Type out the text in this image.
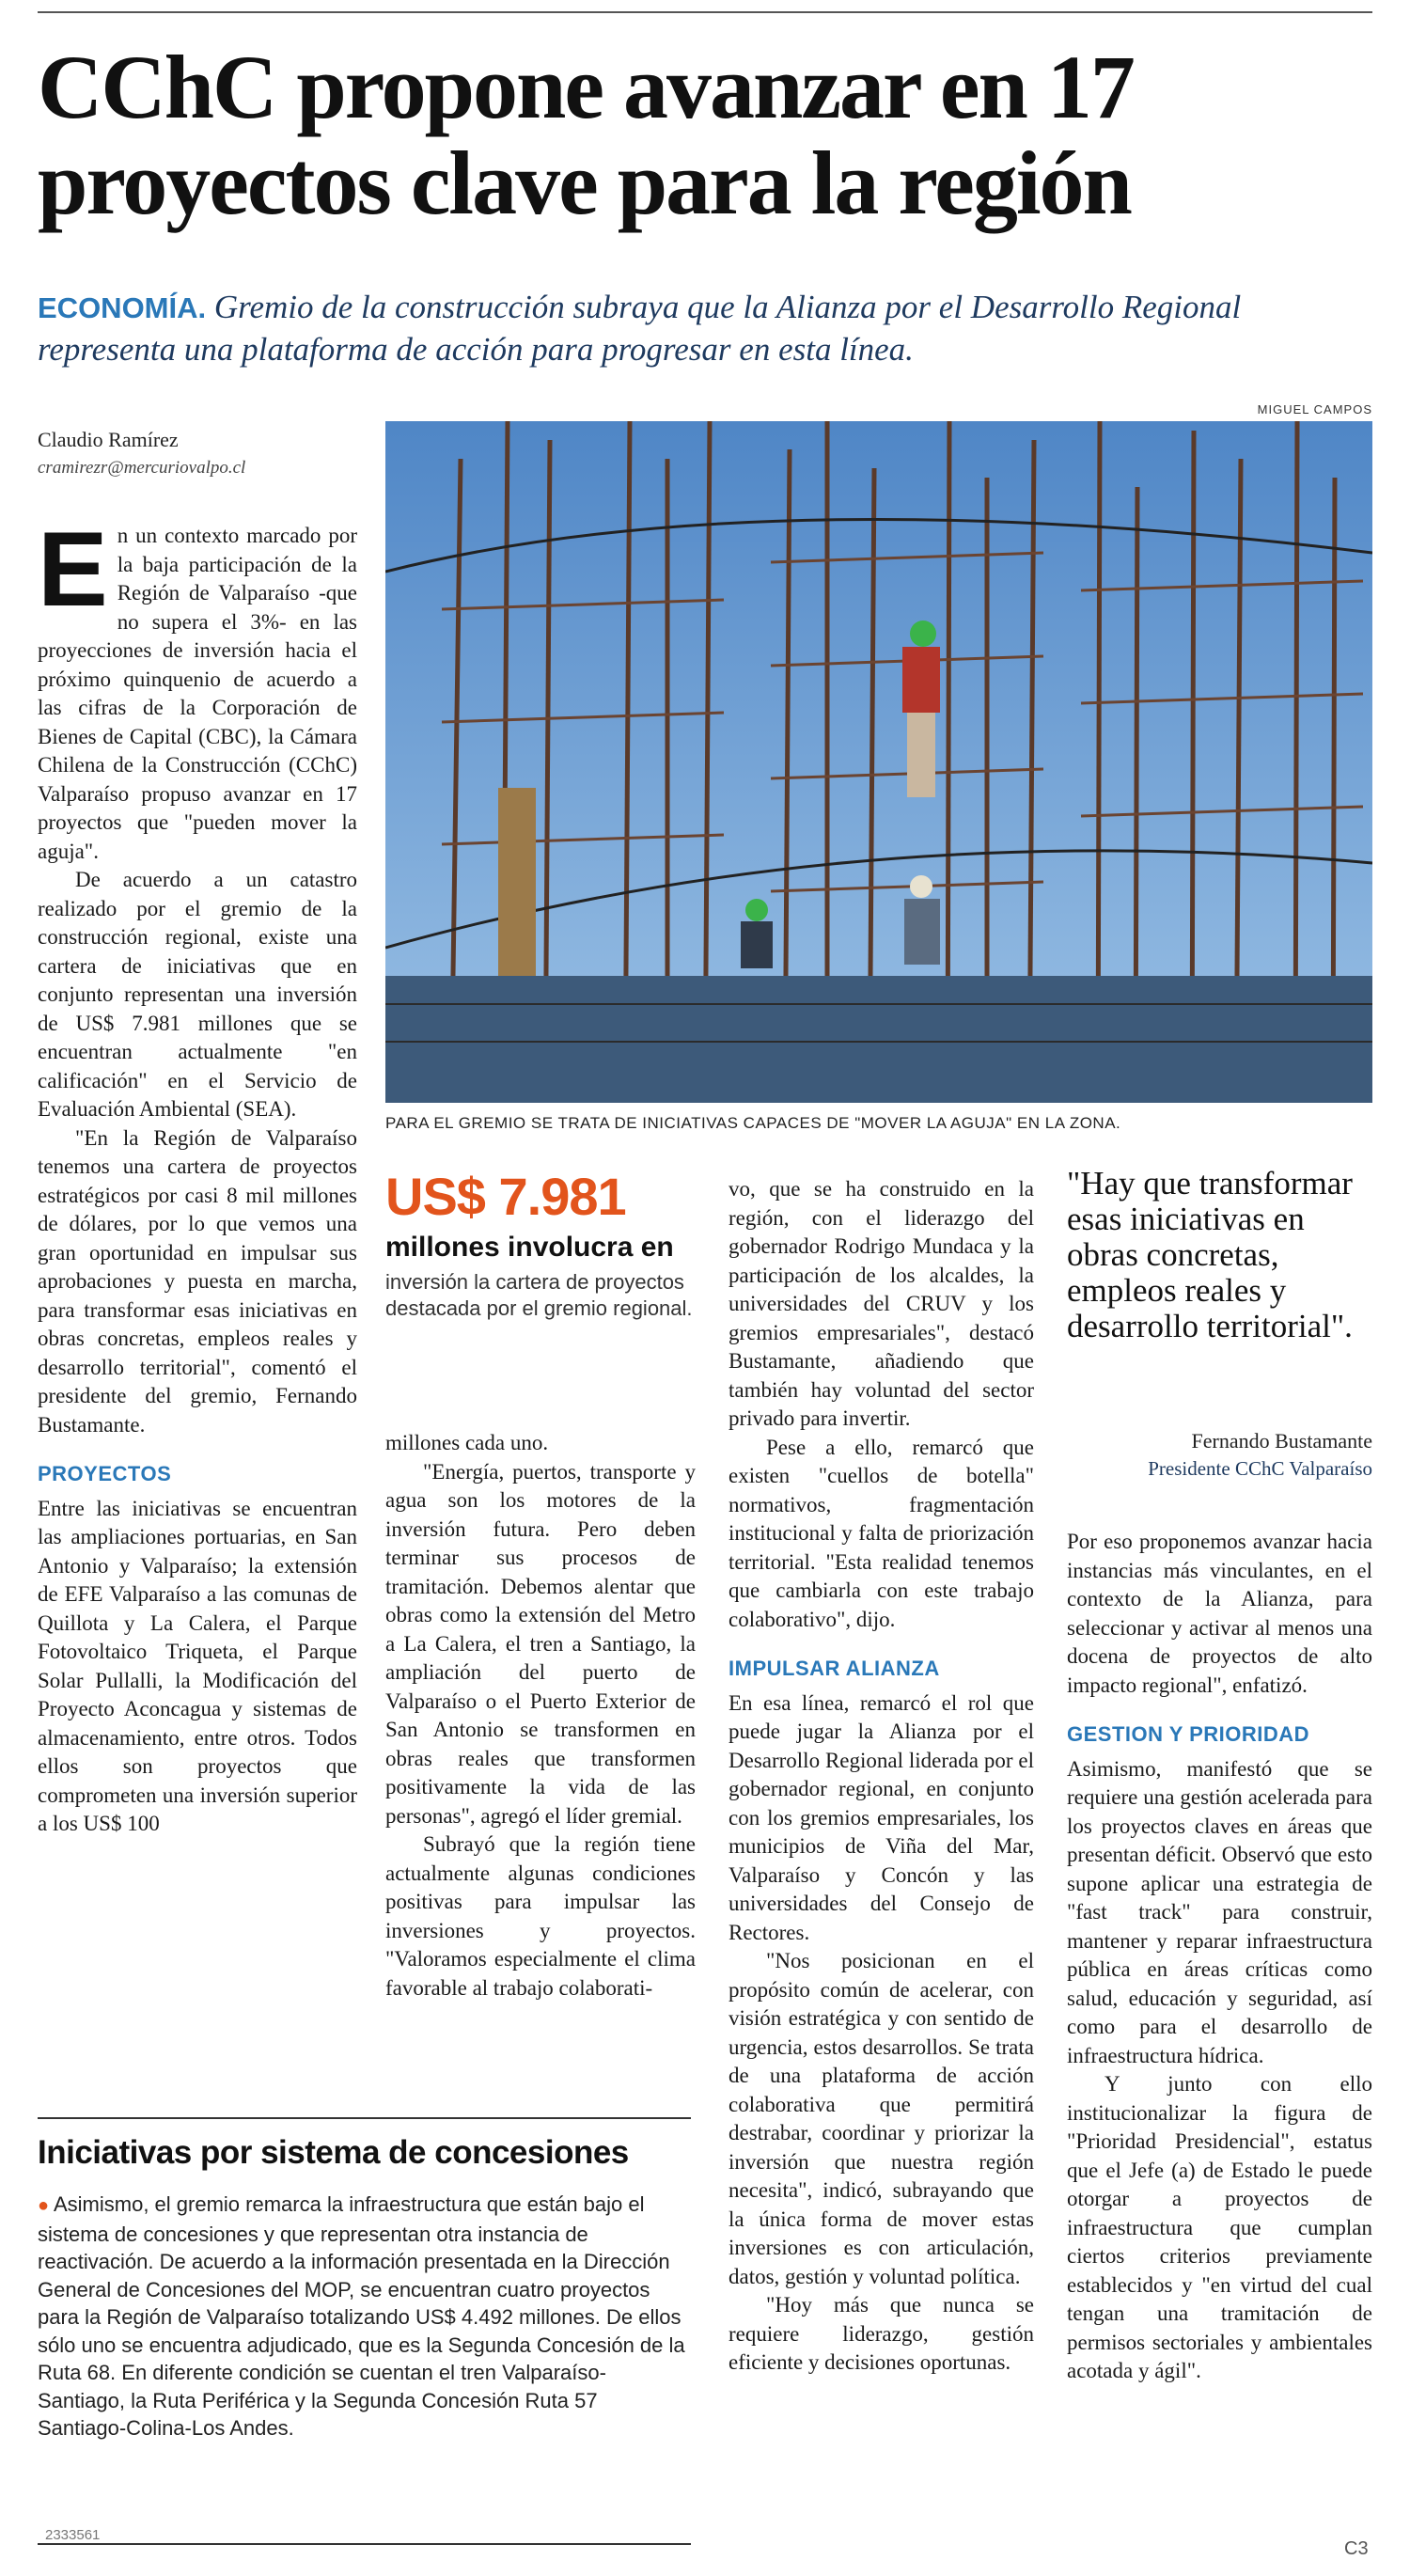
CChC propone avanzar en 17 proyectos clave para la región
ECONOMÍA. Gremio de la construcción subraya que la Alianza por el Desarrollo Regional representa una plataforma de acción para progresar en esta línea.
Claudio Ramírez
cramirezr@mercuriovalpo.cl
MIGUEL CAMPOS
PARA EL GREMIO SE TRATA DE INICIATIVAS CAPACES DE "MOVER LA AGUJA" EN LA ZONA.

En un contexto marcado por la baja participación de la Región de Valparaíso -que no supera el 3%- en las proyecciones de inversión hacia el próximo quinquenio de acuerdo a las cifras de la Corporación de Bienes de Capital (CBC), la Cámara Chilena de la Construcción (CChC) Valparaíso propuso avanzar en 17 proyectos que "pueden mover la aguja".

De acuerdo a un catastro realizado por el gremio de la construcción regional, existe una cartera de iniciativas que en conjunto representan una inversión de US$ 7.981 millones que se encuentran actualmente "en calificación" en el Servicio de Evaluación Ambiental (SEA).

"En la Región de Valparaíso tenemos una cartera de proyectos estratégicos por casi 8 mil millones de dólares, por lo que vemos una gran oportunidad en impulsar sus aprobaciones y puesta en marcha, para transformar esas iniciativas en obras concretas, empleos reales y desarrollo territorial", comentó el presidente del gremio, Fernando Bustamante.

PROYECTOS

Entre las iniciativas se encuentran las ampliaciones portuarias, en San Antonio y Valparaíso; la extensión de EFE Valparaíso a las comunas de Quillota y La Calera, el Parque Fotovoltaico Triqueta, el Parque Solar Pullalli, la Modificación del Proyecto Aconcagua y sistemas de almacenamiento, entre otros. Todos ellos son proyectos que comprometen una inversión superior a los US$ 100

US$ 7.981
millones involucra en
inversión la cartera de proyectos destacada por el gremio regional.

millones cada uno.

"Energía, puertos, transporte y agua son los motores de la inversión futura. Pero deben terminar sus procesos de tramitación. Debemos alentar que obras como la extensión del Metro a La Calera, el tren a Santiago, la ampliación del puerto de Valparaíso o el Puerto Exterior de San Antonio se transformen en obras reales que transformen positivamente la vida de las personas", agregó el líder gremial.

Subrayó que la región tiene actualmente algunas condiciones positivas para impulsar las inversiones y proyectos. "Valoramos especialmente el clima favorable al trabajo colaborati-

vo, que se ha construido en la región, con el liderazgo del gobernador Rodrigo Mundaca y la participación de los alcaldes, la universidades del CRUV y los gremios empresariales", destacó Bustamante, añadiendo que también hay voluntad del sector privado para invertir.

Pese a ello, remarcó que existen "cuellos de botella" normativos, fragmentación institucional y falta de priorización territorial. "Esta realidad tenemos que cambiarla con este trabajo colaborativo", dijo.

IMPULSAR ALIANZA

En esa línea, remarcó el rol que puede jugar la Alianza por el Desarrollo Regional liderada por el gobernador regional, en conjunto con los gremios empresariales, los municipios de Viña del Mar, Valparaíso y Concón y las universidades del Consejo de Rectores.

"Nos posicionan en el propósito común de acelerar, con visión estratégica y con sentido de urgencia, estos desarrollos. Se trata de una plataforma de acción colaborativa que permitirá destrabar, coordinar y priorizar la inversión que nuestra región necesita", indicó, subrayando que la única forma de mover estas inversiones es con articulación, datos, gestión y voluntad política.

"Hoy más que nunca se requiere liderazgo, gestión eficiente y decisiones oportunas.

"Hay que transformar esas iniciativas en obras concretas, empleos reales y desarrollo territorial".
Fernando Bustamante
Presidente CChC Valparaíso

Por eso proponemos avanzar hacia instancias más vinculantes, en el contexto de la Alianza, para seleccionar y activar al menos una docena de proyectos de alto impacto regional", enfatizó.

GESTION Y PRIORIDAD

Asimismo, manifestó que se requiere una gestión acelerada para los proyectos claves en áreas que presentan déficit. Observó que esto supone aplicar una estrategia de "fast track" para construir, mantener y reparar infraestructura pública en áreas críticas como salud, educación y seguridad, así como para el desarrollo de infraestructura hídrica.

Y junto con ello institucionalizar la figura de "Prioridad Presidencial", estatus que el Jefe (a) de Estado le puede otorgar a proyectos de infraestructura que cumplan ciertos criterios previamente establecidos y "en virtud del cual tengan una tramitación de permisos sectoriales y ambientales acotada y ágil".

Iniciativas por sistema de concesiones
● Asimismo, el gremio remarca la infraestructura que están bajo el sistema de concesiones y que representan otra instancia de reactivación. De acuerdo a la información presentada en la Dirección General de Concesiones del MOP, se encuentran cuatro proyectos para la Región de Valparaíso totalizando US$ 4.492 millones. De ellos sólo uno se encuentra adjudicado, que es la Segunda Concesión de la Ruta 68. En diferente condición se cuentan el tren Valparaíso-Santiago, la Ruta Periférica y la Segunda Concesión Ruta 57 Santiago-Colina-Los Andes.
2333561
C3
